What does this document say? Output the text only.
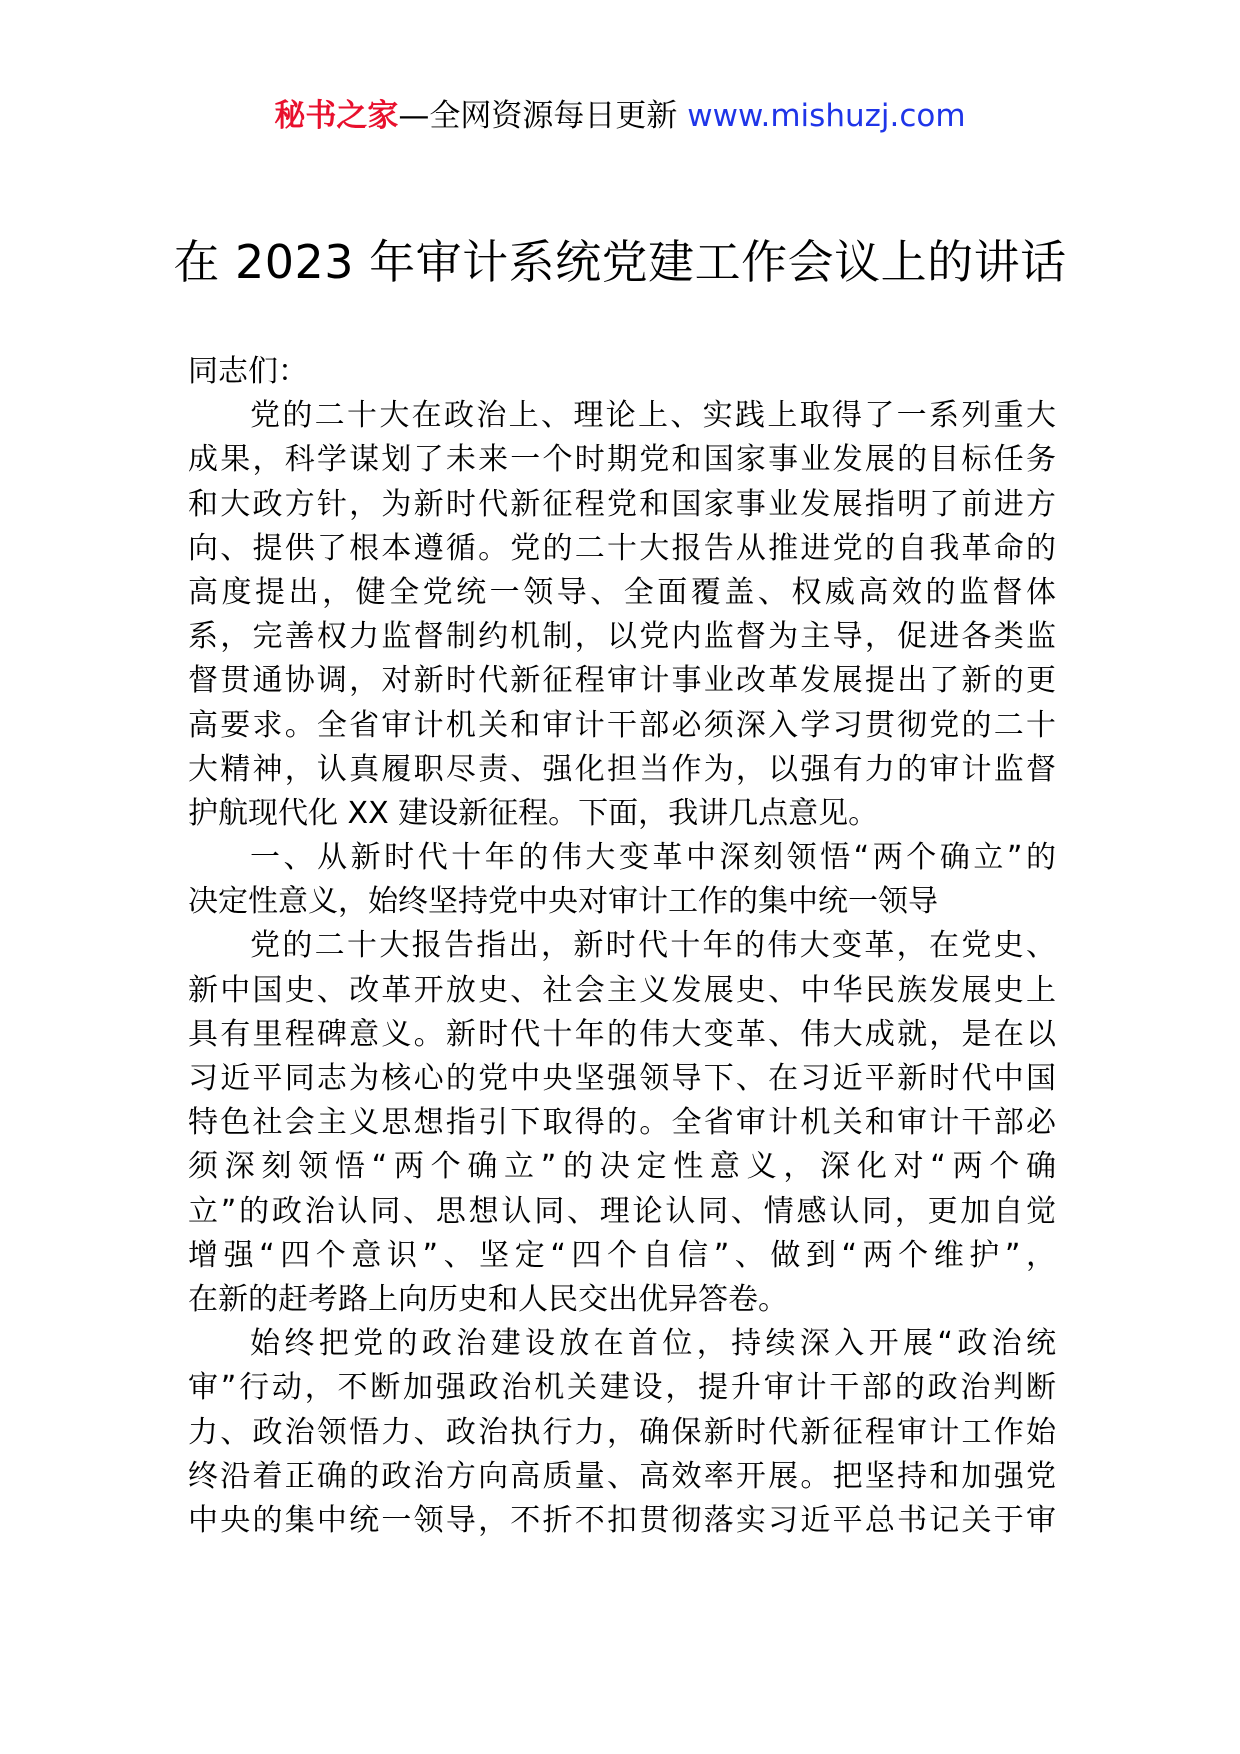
秘书之家—全网资源每日更新 www.mishuzj.com
在 2023 年审计系统党建工作会议上的讲话
同志们：
党的二十大在政治上、理论上、实践上取得了一系列重大
成果，科学谋划了未来一个时期党和国家事业发展的目标任务
和大政方针，为新时代新征程党和国家事业发展指明了前进方
向、提供了根本遵循。党的二十大报告从推进党的自我革命的
高度提出，健全党统一领导、全面覆盖、权威高效的监督体
系，完善权力监督制约机制，以党内监督为主导，促进各类监
督贯通协调，对新时代新征程审计事业改革发展提出了新的更
高要求。全省审计机关和审计干部必须深入学习贯彻党的二十
大精神，认真履职尽责、强化担当作为，以强有力的审计监督
护航现代化 XX 建设新征程。下面，我讲几点意见。
一、从新时代十年的伟大变革中深刻领悟“两个确立”的
决定性意义，始终坚持党中央对审计工作的集中统一领导
党的二十大报告指出，新时代十年的伟大变革，在党史、
新中国史、改革开放史、社会主义发展史、中华民族发展史上
具有里程碑意义。新时代十年的伟大变革、伟大成就，是在以
习近平同志为核心的党中央坚强领导下、在习近平新时代中国
特色社会主义思想指引下取得的。全省审计机关和审计干部必
须深刻领悟“两个确立”的决定性意义，深化对“两个确
立”的政治认同、思想认同、理论认同、情感认同，更加自觉
增强“四个意识”、坚定“四个自信”、做到“两个维护”，
在新的赶考路上向历史和人民交出优异答卷。
始终把党的政治建设放在首位，持续深入开展“政治统
审”行动，不断加强政治机关建设，提升审计干部的政治判断
力、政治领悟力、政治执行力，确保新时代新征程审计工作始
终沿着正确的政治方向高质量、高效率开展。把坚持和加强党
中央的集中统一领导，不折不扣贯彻落实习近平总书记关于审
